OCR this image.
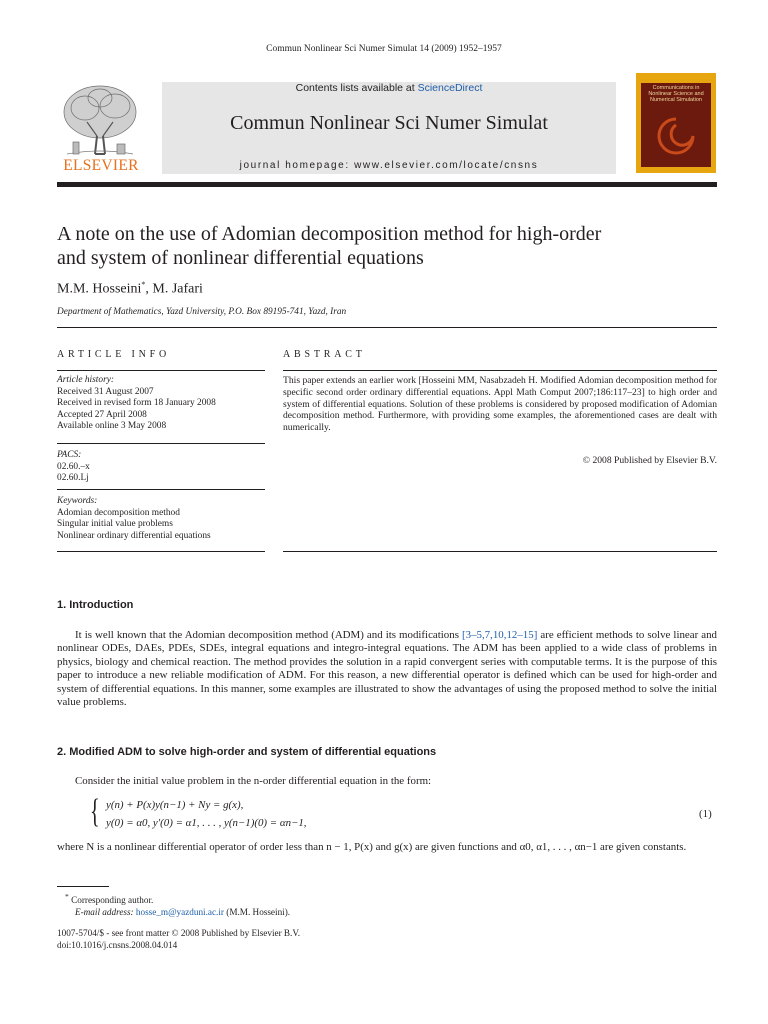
Commun Nonlinear Sci Numer Simulat 14 (2009) 1952–1957
ELSEVIER
Contents lists available at ScienceDirect
Commun Nonlinear Sci Numer Simulat
journal homepage: www.elsevier.com/locate/cnsns
Communications in
Nonlinear Science and
Numerical Simulation
A note on the use of Adomian decomposition method for high-order
and system of nonlinear differential equations
M.M. Hosseini*, M. Jafari
Department of Mathematics, Yazd University, P.O. Box 89195-741, Yazd, Iran
ARTICLE INFO
Article history:
Received 31 August 2007
Received in revised form 18 January 2008
Accepted 27 April 2008
Available online 3 May 2008
PACS:
02.60.–x
02.60.Lj
Keywords:
Adomian decomposition method
Singular initial value problems
Nonlinear ordinary differential equations
ABSTRACT
This paper extends an earlier work [Hosseini MM, Nasabzadeh H. Modified Adomian decomposition method for specific second order ordinary differential equations. Appl Math Comput 2007;186:117–23] to high order and system of differential equations. Solution of these problems is considered by proposed modification of Adomian decomposition method. Furthermore, with providing some examples, the aforementioned cases are dealt with numerically.
© 2008 Published by Elsevier B.V.
1. Introduction
It is well known that the Adomian decomposition method (ADM) and its modifications [3–5,7,10,12–15] are efficient methods to solve linear and nonlinear ODEs, DAEs, PDEs, SDEs, integral equations and integro-integral equations. The ADM has been applied to a wide class of problems in physics, biology and chemical reaction. The method provides the solution in a rapid convergent series with computable terms. It is the purpose of this paper to introduce a new reliable modification of ADM. For this reason, a new differential operator is defined which can be used for high-order and system of differential equations. In this manner, some examples are illustrated to show the advantages of using the proposed method to solve the initial value problems.
2. Modified ADM to solve high-order and system of differential equations
Consider the initial value problem in the n-order differential equation in the form:
{ y(n) + P(x)y(n−1) + Ny = g(x),
y(0) = α0, y′(0) = α1, . . . , y(n−1)(0) = αn−1,
(1)
where N is a nonlinear differential operator of order less than n − 1, P(x) and g(x) are given functions and α0, α1, . . . , αn−1 are given constants.
* Corresponding author.
E-mail address: hosse_m@yazduni.ac.ir (M.M. Hosseini).
1007-5704/$ - see front matter © 2008 Published by Elsevier B.V.
doi:10.1016/j.cnsns.2008.04.014
